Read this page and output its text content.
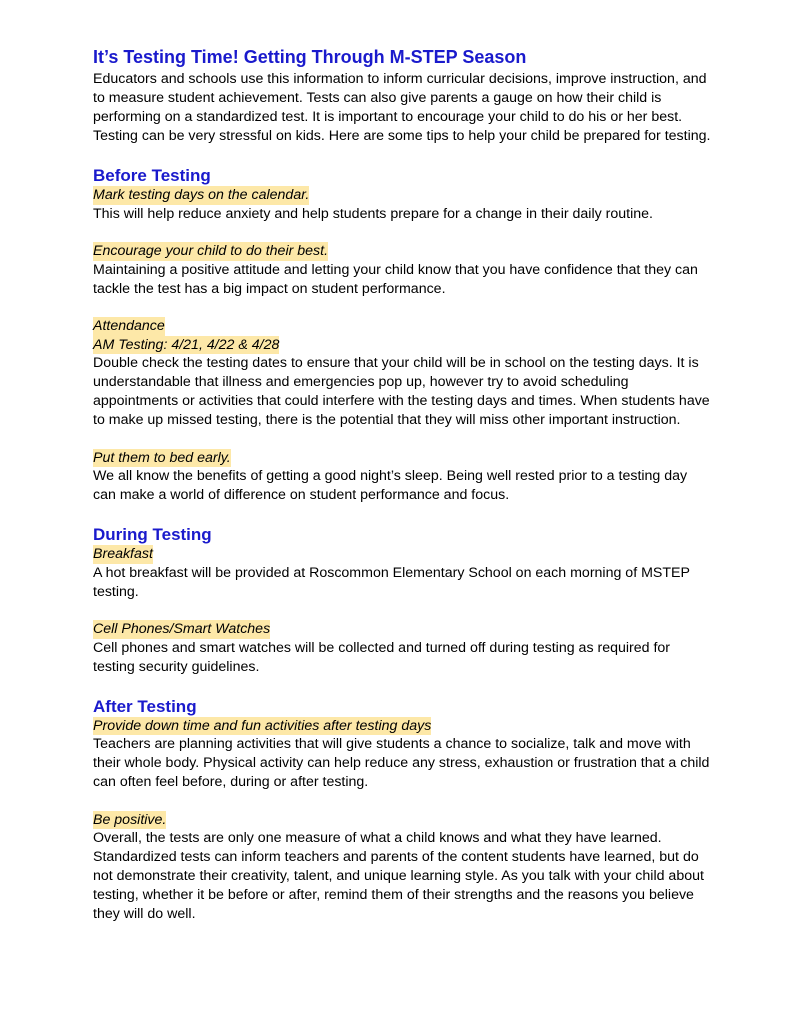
It’s Testing Time! Getting Through M-STEP Season

Educators and schools use this information to inform curricular decisions, improve instruction, and to measure student achievement. Tests can also give parents a gauge on how their child is performing on a standardized test. It is important to encourage your child to do his or her best. Testing can be very stressful on kids. Here are some tips to help your child be prepared for testing.

Before Testing
Mark testing days on the calendar.

This will help reduce anxiety and help students prepare for a change in their daily routine.

Encourage your child to do their best.

Maintaining a positive attitude and letting your child know that you have confidence that they can tackle the test has a big impact on student performance.

Attendance
AM Testing: 4/21, 4/22 & 4/28

Double check the testing dates to ensure that your child will be in school on the testing days. It is understandable that illness and emergencies pop up, however try to avoid scheduling appointments or activities that could interfere with the testing days and times. When students have to make up missed testing, there is the potential that they will miss other important instruction.

Put them to bed early.

We all know the benefits of getting a good night’s sleep. Being well rested prior to a testing day can make a world of difference on student performance and focus.

During Testing
Breakfast

A hot breakfast will be provided at Roscommon Elementary School on each morning of MSTEP testing.

Cell Phones/Smart Watches

Cell phones and smart watches will be collected and turned off during testing as required for testing security guidelines.

After Testing
Provide down time and fun activities after testing days

Teachers are planning activities that will give students a chance to socialize, talk and move with their whole body. Physical activity can help reduce any stress, exhaustion or frustration that a child can often feel before, during or after testing.

Be positive.

Overall, the tests are only one measure of what a child knows and what they have learned. Standardized tests can inform teachers and parents of the content students have learned, but do not demonstrate their creativity, talent, and unique learning style. As you talk with your child about testing, whether it be before or after, remind them of their strengths and the reasons you believe they will do well.
